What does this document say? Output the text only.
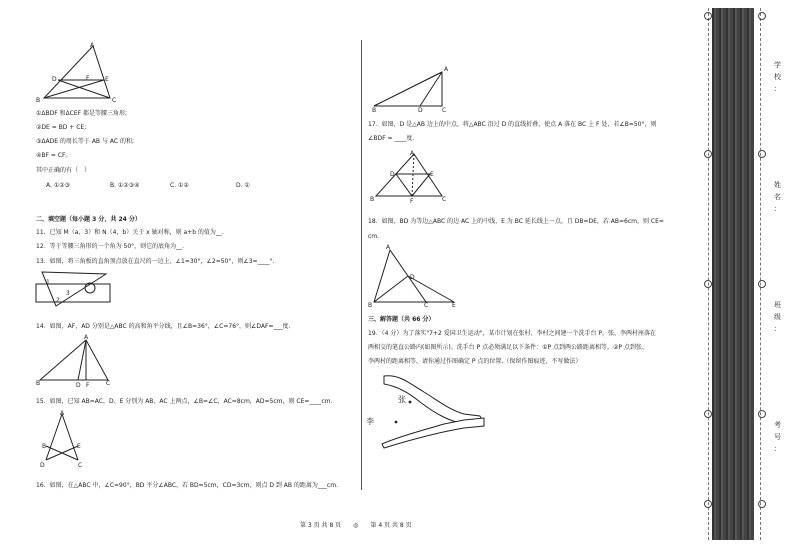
A
D	F	E
B	C
①ΔBDF 和ΔCEF 都是等腰三角形;
②DE = BD + CE;
③ΔADE 的周长等于 AB 与 AC 的和;
④BF = CF。
其中正确的有（　）
A. ①②③	B. ①②③④	C. ①②	D. ①
二、填空题（每小题 3 分，共 24 分）
11．已知 M（a，3）和 N（4，b）关于 x 轴对称，则 a+b 的值为__.
12．等于等腰三角形的一个角为 50°，则它的底角为__.
13．如图，将三角板的直角顶点放在直尺的一边上，∠1=30°，∠2=50°，则∠3=____°.
1
2
3
14．如图，AF，AD 分别是△ABC 的高和角平分线，且∠B=36°，∠C=76°，则∠DAF=___度.
A
B	D F	C
15．如图，已知 AB=AC，D、E 分别为 AB、AC 上两点，∠B=∠C，AC=8cm，AD=5cm，则 CE=____cm.
A
B	E
D	C
16．如图，在△ABC 中，∠C=90°，BD 平分∠ABC，若 BD=5cm，CD=3cm，则点 D 到 AB 的距离为___cm.
A
B	D	C
17．如图，D 是△AB 边上的中点，将△ABC 沿过 D 的直线折叠，使点 A 落在 BC 上 F 处，若∠B=50°，则
∠BDF = ____度.
A
D	E
B	F	C
18．如图，BD 为等边△ABC 的边 AC 上的中线，E 为 BC 延长线上一点，且 DB=DE，若 AB=6cm，则 CE=
cm.
A
D
B	C	E
三、解答题（共 66 分）
19．（4 分）为了落实"7+2 爱国卫生运动"，某市计划在张村、李村之间建一个洗手台 P，张、李两村座落在
两相交的笔直公路内(如图所示)。洗手台 P 点必须满足以下条件：①P 点到两公路距离相等，②P 点到张、
李两村的距离相等，请你通过作图确定 P 点的位置.（保留作图痕迹，不写做法）
张
李
第 3 页 共 8 页　　◎　　第 4 页 共 8 页
学
校
：
姓
名
：
班
级
：
考
号
：
